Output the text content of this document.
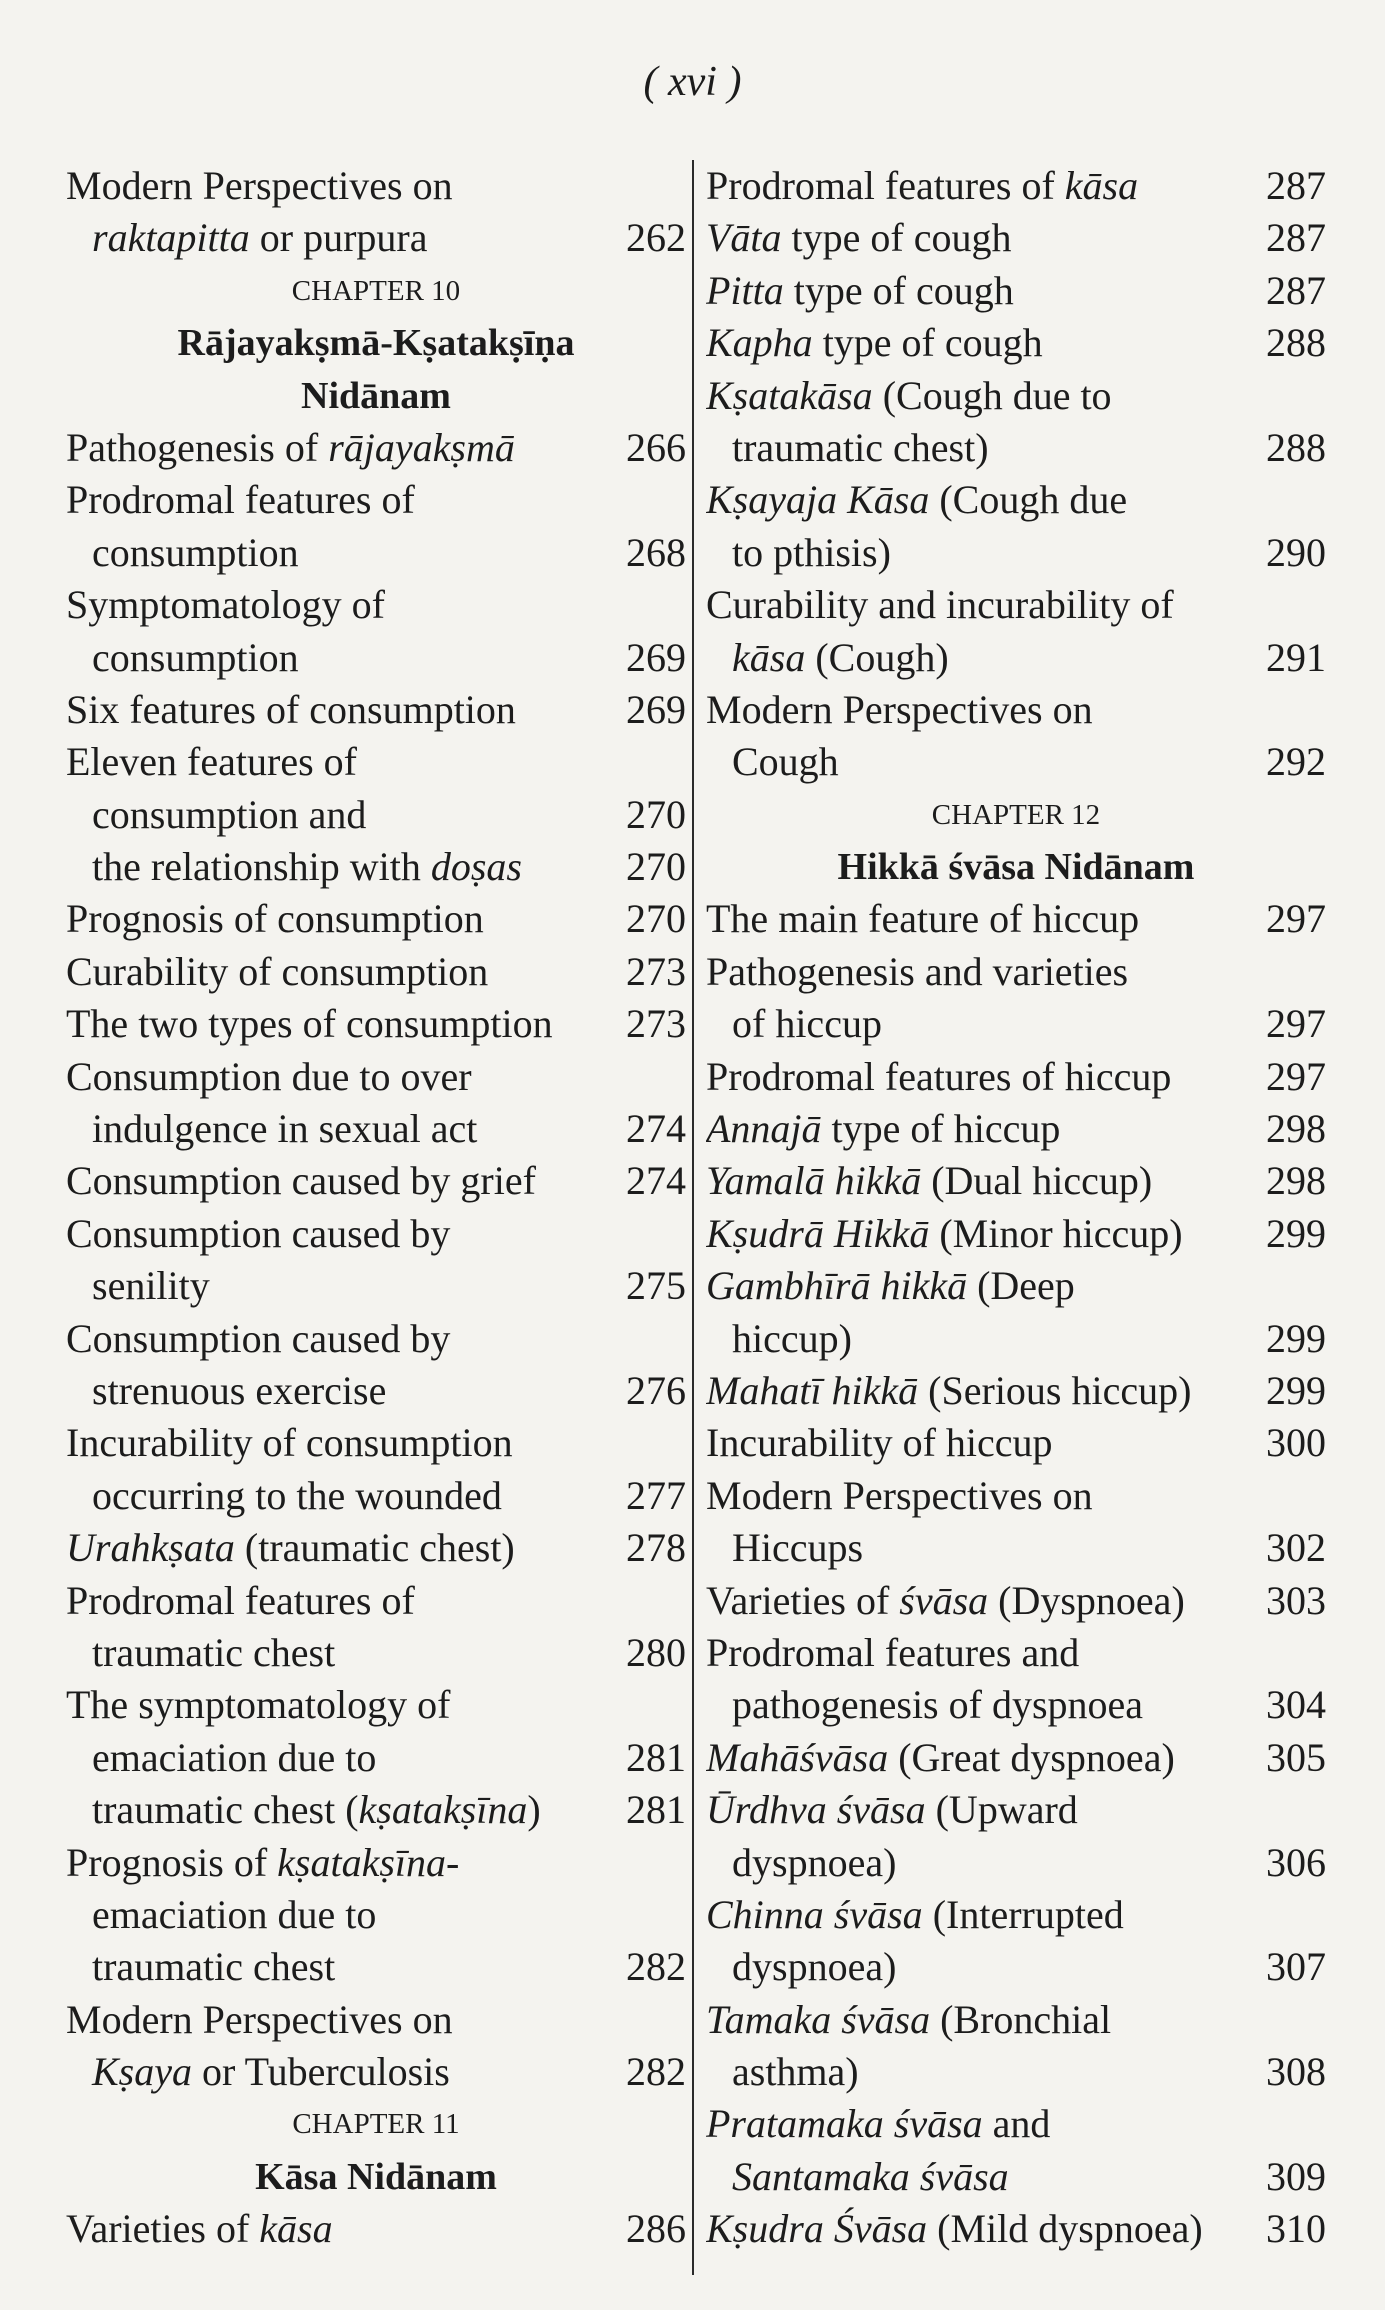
( xvi )
Modern Perspectives on
raktapitta or purpura	262
CHAPTER 10
Rājayakṣmā-Kṣatakṣīṇa
Nidānam
Pathogenesis of rājayakṣmā	266
Prodromal features of
consumption	268
Symptomatology of
consumption	269
Six features of consumption	269
Eleven features of
consumption and	270
the relationship with doṣas	270
Prognosis of consumption	270
Curability of consumption	273
The two types of consumption 273
Consumption due to over
indulgence in sexual act	274
Consumption caused by grief 274
Consumption caused by
senility	275
Consumption caused by
strenuous exercise	276
Incurability of consumption
occurring to the wounded	277
Urahkṣata (traumatic chest)	278
Prodromal features of
traumatic chest	280
The symptomatology of
emaciation due to	281
traumatic chest (kṣatakṣīna) 281
Prognosis of kṣatakṣīna-
emaciation due to
traumatic chest	282
Modern Perspectives on
Kṣaya or Tuberculosis	282
CHAPTER 11
Kāsa Nidānam
Varieties of kāsa	286
Prodromal features of kāsa	287
Vāta type of cough	287
Pitta type of cough	287
Kapha type of cough	288
Kṣatakāsa (Cough due to
traumatic chest)	288
Kṣayaja Kāsa (Cough due
to pthisis)	290
Curability and incurability of
kāsa (Cough)	291
Modern Perspectives on
Cough	292
CHAPTER 12
Hikkā śvāsa Nidānam
The main feature of hiccup	297
Pathogenesis and varieties
of hiccup	297
Prodromal features of hiccup 297
Annajā type of hiccup	298
Yamalā hikkā (Dual hiccup)	298
Kṣudrā Hikkā (Minor hiccup) 299
Gambhīrā hikkā (Deep
hiccup)	299
Mahatī hikkā (Serious hiccup) 299
Incurability of hiccup	300
Modern Perspectives on
Hiccups	302
Varieties of śvāsa (Dyspnoea) 303
Prodromal features and
pathogenesis of dyspnoea	304
Mahāśvāsa (Great dyspnoea) 305
Ūrdhva śvāsa (Upward
dyspnoea)	306
Chinna śvāsa (Interrupted
dyspnoea)	307
Tamaka śvāsa (Bronchial
asthma)	308
Pratamaka śvāsa and
Santamaka śvāsa	309
Kṣudra Śvāsa (Mild dyspnoea) 310
